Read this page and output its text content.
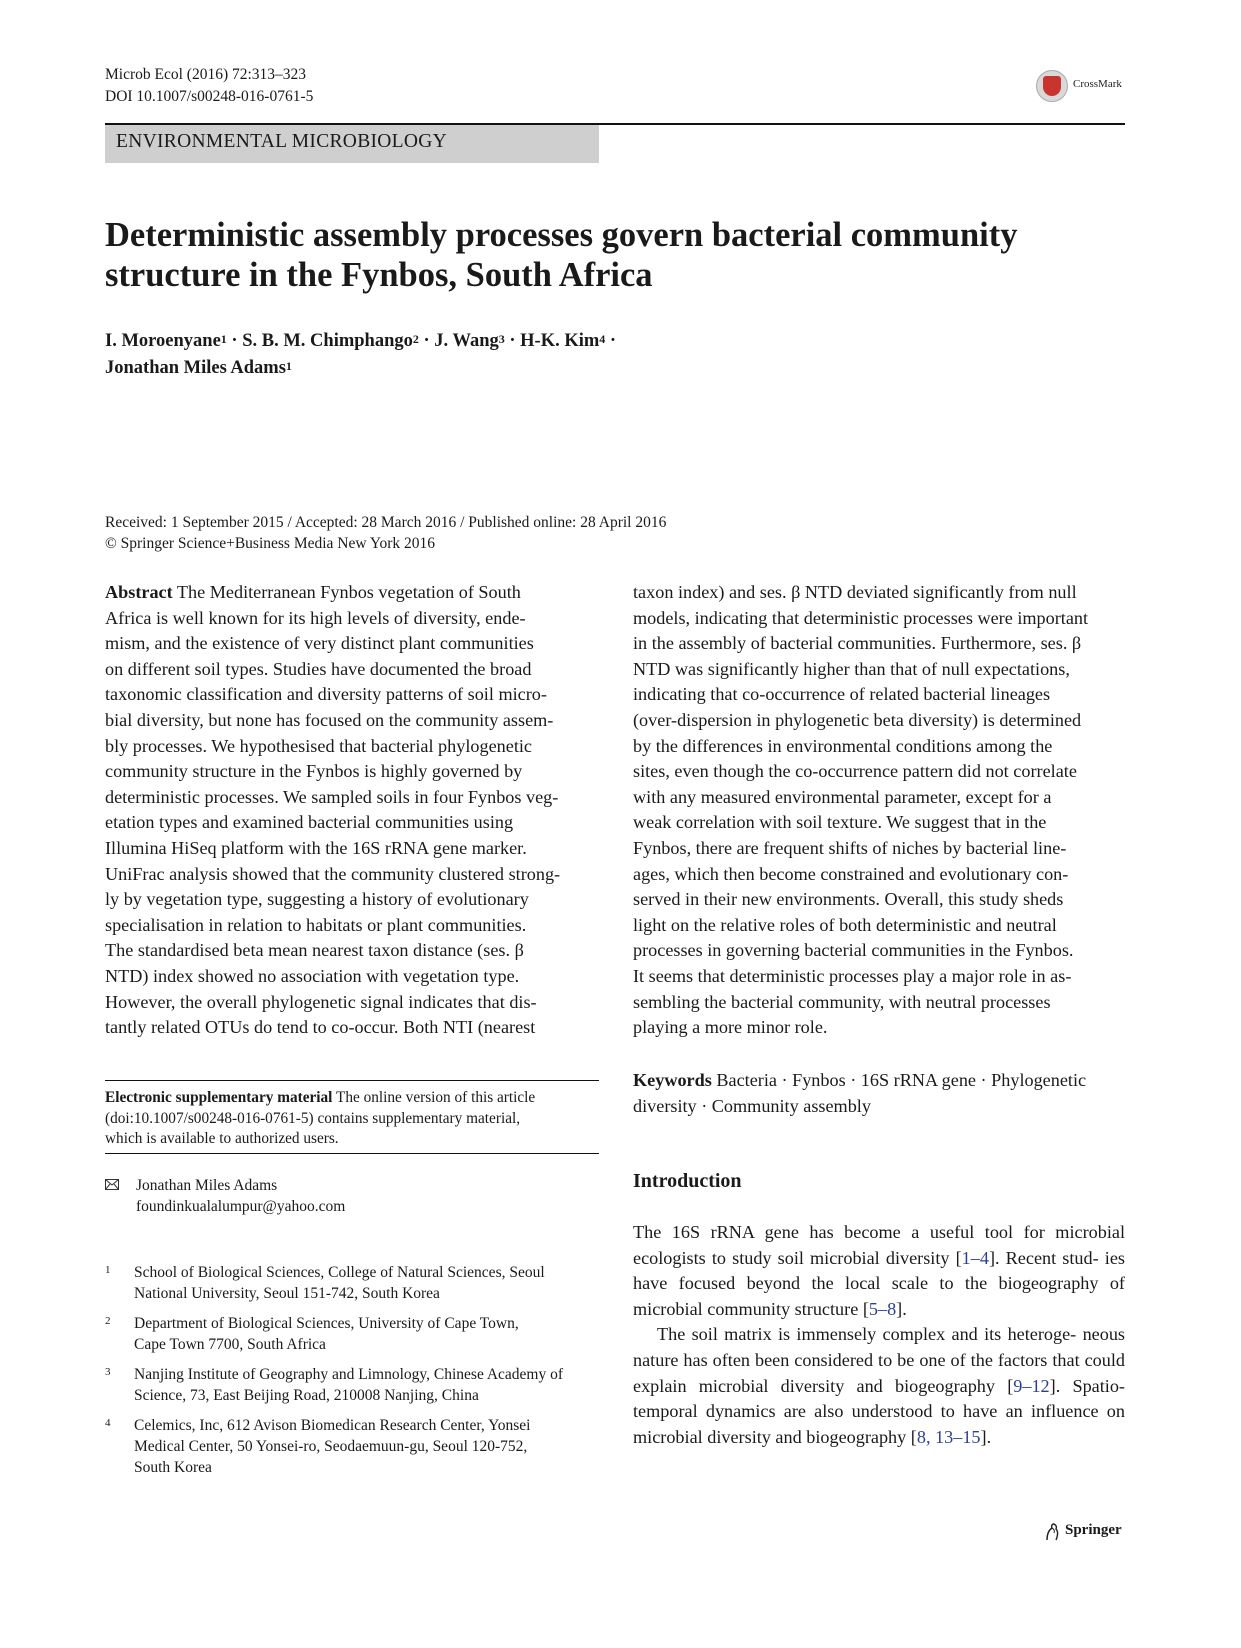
Microb Ecol (2016) 72:313–323
DOI 10.1007/s00248-016-0761-5
CrossMark
ENVIRONMENTAL MICROBIOLOGY
Deterministic assembly processes govern bacterial community
structure in the Fynbos, South Africa
I. Moroenyane$^1$ · S. B. M. Chimphango$^2$ · J. Wang$^3$ · H-K. Kim$^4$ ·
Jonathan Miles Adams$^1$
Received: 1 September 2015 / Accepted: 28 March 2016 / Published online: 28 April 2016
© Springer Science+Business Media New York 2016
Abstract The Mediterranean Fynbos vegetation of South
Africa is well known for its high levels of diversity, ende-
mism, and the existence of very distinct plant communities
on different soil types. Studies have documented the broad
taxonomic classification and diversity patterns of soil micro-
bial diversity, but none has focused on the community assem-
bly processes. We hypothesised that bacterial phylogenetic
community structure in the Fynbos is highly governed by
deterministic processes. We sampled soils in four Fynbos veg-
etation types and examined bacterial communities using
Illumina HiSeq platform with the 16S rRNA gene marker.
UniFrac analysis showed that the community clustered strong-
ly by vegetation type, suggesting a history of evolutionary
specialisation in relation to habitats or plant communities.
The standardised beta mean nearest taxon distance (ses. β
NTD) index showed no association with vegetation type.
However, the overall phylogenetic signal indicates that dis-
tantly related OTUs do tend to co-occur. Both NTI (nearest
taxon index) and ses. β NTD deviated significantly from null
models, indicating that deterministic processes were important
in the assembly of bacterial communities. Furthermore, ses. β
NTD was significantly higher than that of null expectations,
indicating that co-occurrence of related bacterial lineages
(over-dispersion in phylogenetic beta diversity) is determined
by the differences in environmental conditions among the
sites, even though the co-occurrence pattern did not correlate
with any measured environmental parameter, except for a
weak correlation with soil texture. We suggest that in the
Fynbos, there are frequent shifts of niches by bacterial line-
ages, which then become constrained and evolutionary con-
served in their new environments. Overall, this study sheds
light on the relative roles of both deterministic and neutral
processes in governing bacterial communities in the Fynbos.
It seems that deterministic processes play a major role in as-
sembling the bacterial community, with neutral processes
playing a more minor role.
Keywords Bacteria · Fynbos · 16S rRNA gene · Phylogenetic
diversity · Community assembly
Electronic supplementary material The online version of this article
(doi:10.1007/s00248-016-0761-5) contains supplementary material,
which is available to authorized users.
Jonathan Miles Adams
foundinkualalumpur@yahoo.com
1 School of Biological Sciences, College of Natural Sciences, Seoul
National University, Seoul 151-742, South Korea
2 Department of Biological Sciences, University of Cape Town,
Cape Town 7700, South Africa
3 Nanjing Institute of Geography and Limnology, Chinese Academy of
Science, 73, East Beijing Road, 210008 Nanjing, China
4 Celemics, Inc, 612 Avison Biomedican Research Center, Yonsei
Medical Center, 50 Yonsei-ro, Seodaemuun-gu, Seoul 120-752,
South Korea
Introduction

The 16S rRNA gene has become a useful tool for microbial ecologists to study soil microbial diversity [1–4]. Recent stud- ies have focused beyond the local scale to the biogeography of microbial community structure [5–8].

The soil matrix is immensely complex and its heteroge- neous nature has often been considered to be one of the factors that could explain microbial diversity and biogeography [9–12]. Spatio-temporal dynamics are also understood to have an influence on microbial diversity and biogeography [8, 13–15].

Springer
